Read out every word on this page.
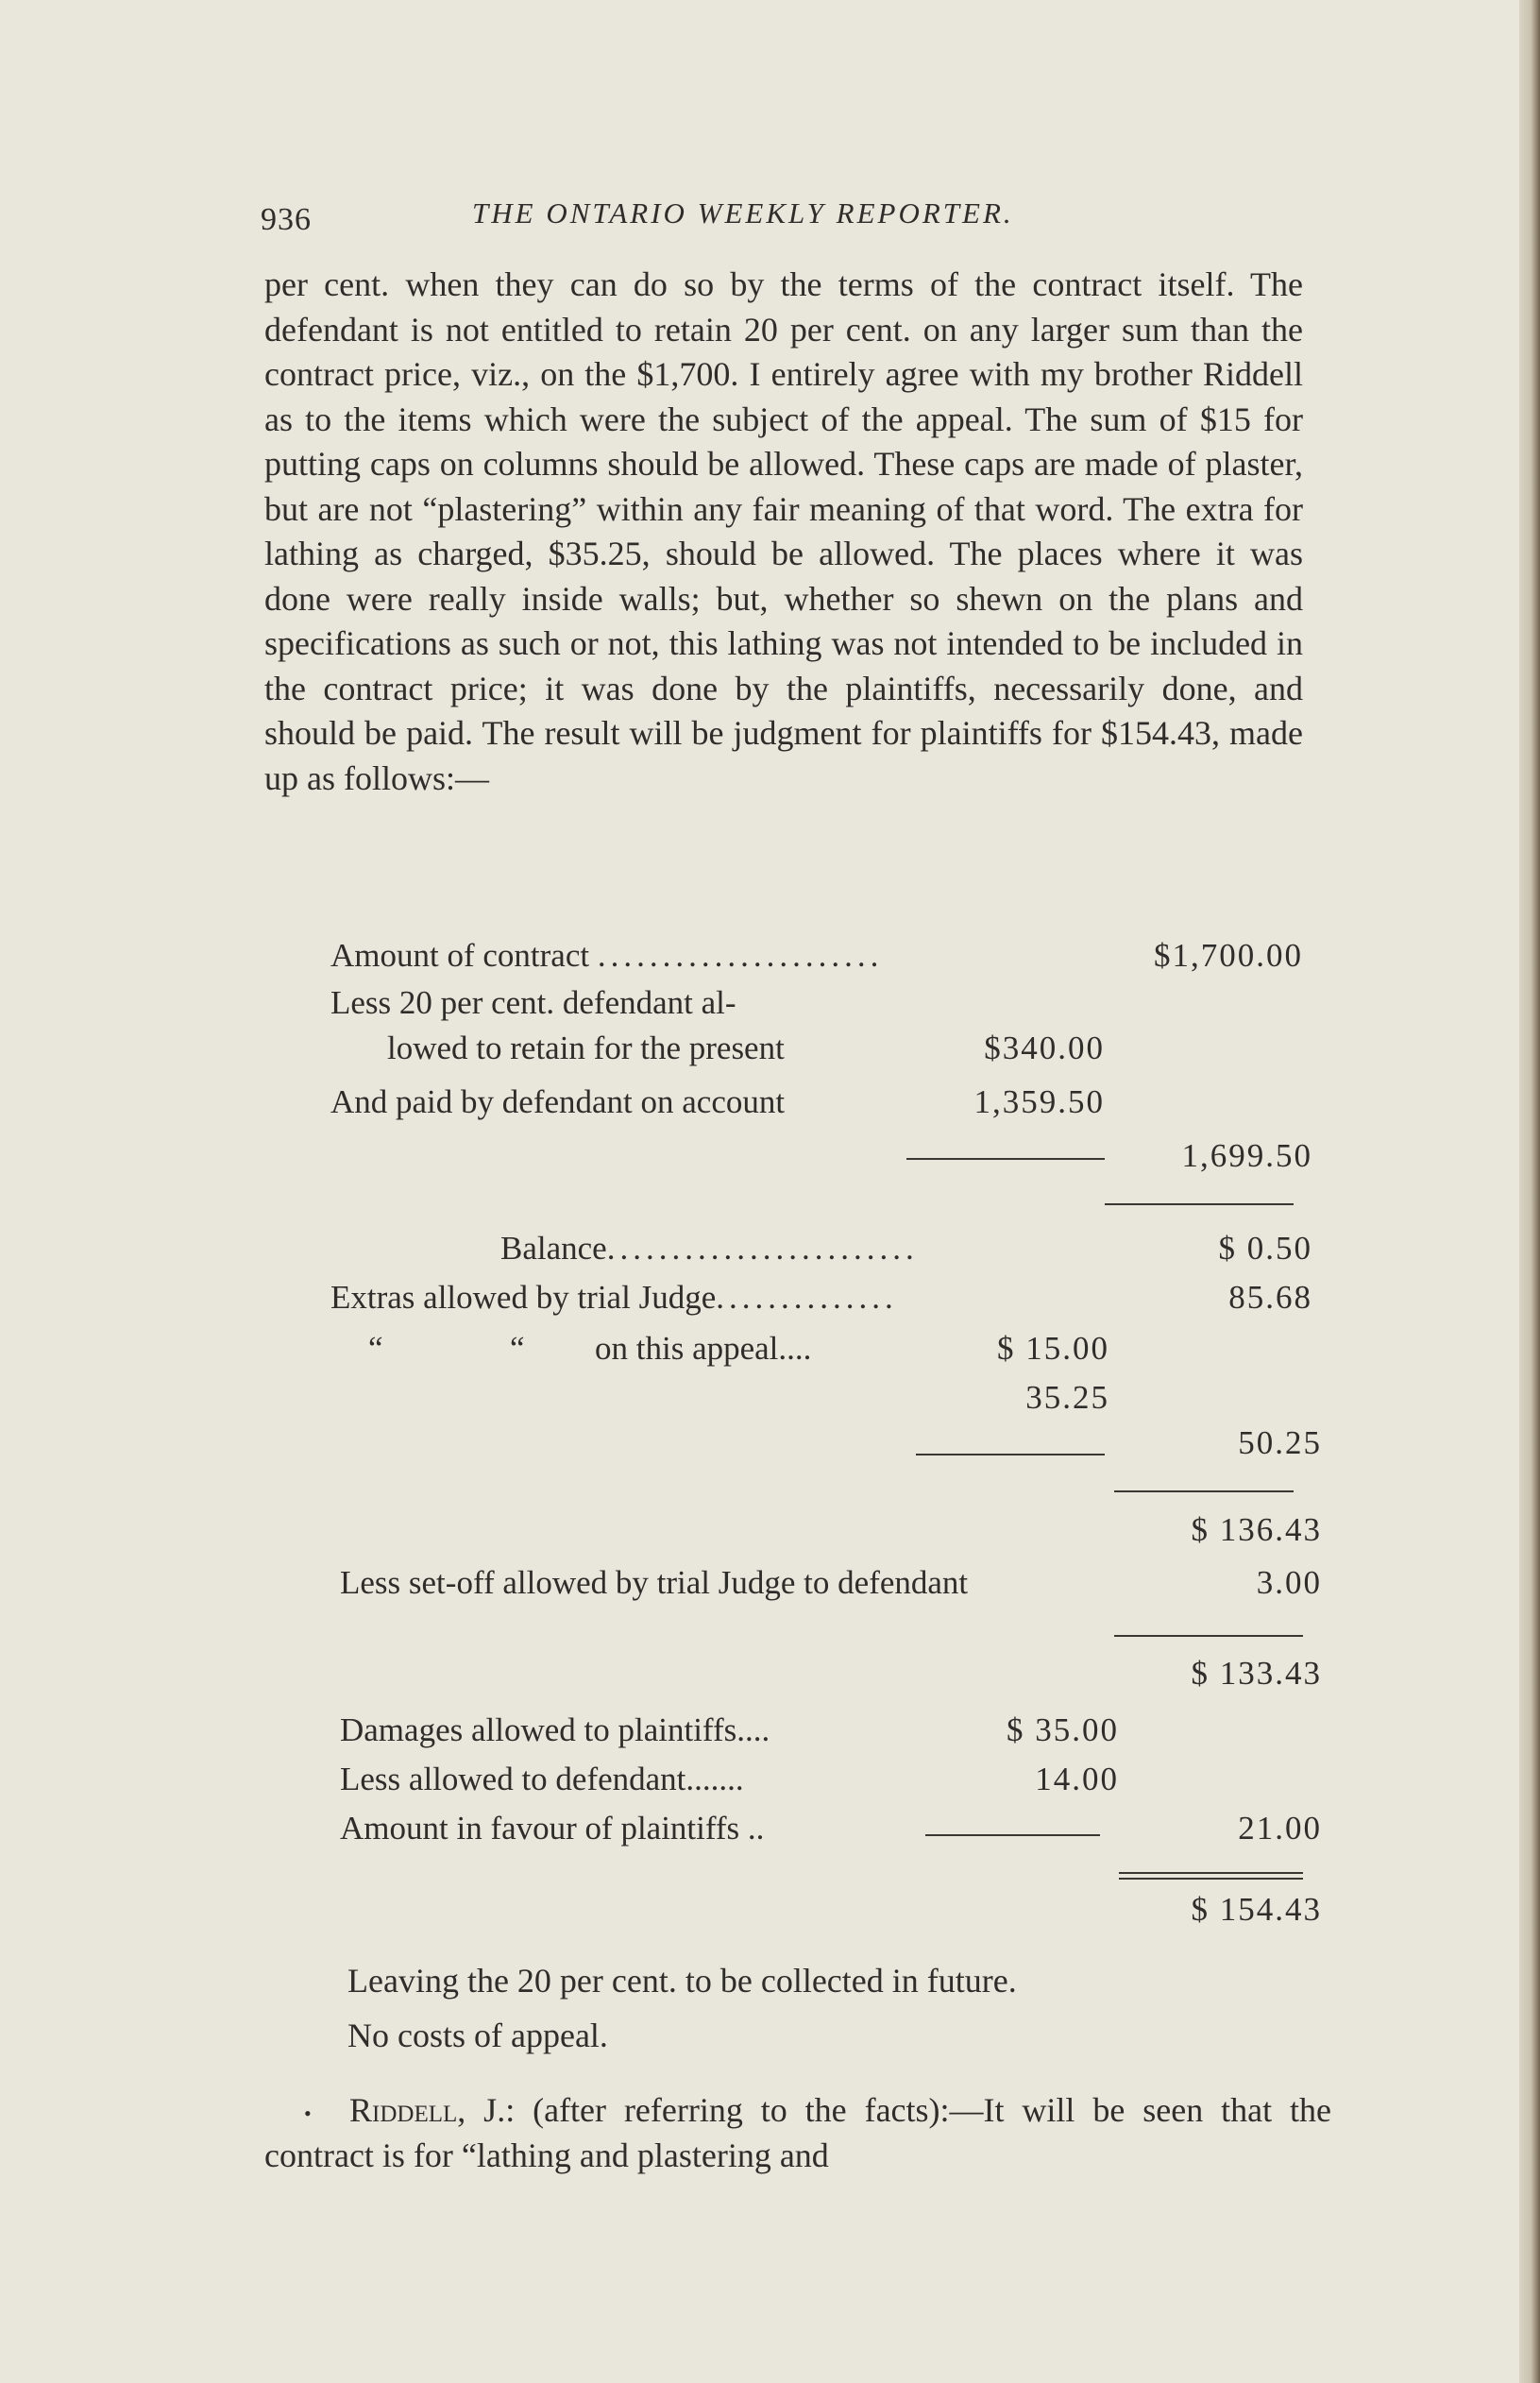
936	THE ONTARIO WEEKLY REPORTER.

per cent. when they can do so by the terms of the contract itself. The defendant is not entitled to retain 20 per cent. on any larger sum than the contract price, viz., on the $1,700. I entirely agree with my brother Riddell as to the items which were the subject of the appeal. The sum of $15 for putting caps on columns should be allowed. These caps are made of plaster, but are not “plastering” within any fair meaning of that word. The extra for lathing as charged, $35.25, should be allowed. The places where it was done were really inside walls; but, whether so shewn on the plans and specifications as such or not, this lathing was not intended to be included in the contract price; it was done by the plaintiffs, necessarily done, and should be paid. The result will be judgment for plaintiffs for $154.43, made up as follows:—

Amount of contract ......................	$1,700.00
Less 20 per cent. defendant al-
lowed to retain for the present	$340.00
And paid by defendant on account	1,359.50
1,699.50
Balance........................	$ 0.50
Extras allowed by trial Judge..............	85.68
“	“ on this appeal....	$ 15.00
35.25
50.25
$ 136.43
Less set-off allowed by trial Judge to defendant	3.00
$ 133.43
Damages allowed to plaintiffs....	$ 35.00
Less allowed to defendant.......	14.00
Amount in favour of plaintiffs ..	21.00
$ 154.43
Leaving the 20 per cent. to be collected in future.
No costs of appeal.
•	Riddell, J.: (after referring to the facts):—It will be seen that the contract is for “lathing and plastering and
